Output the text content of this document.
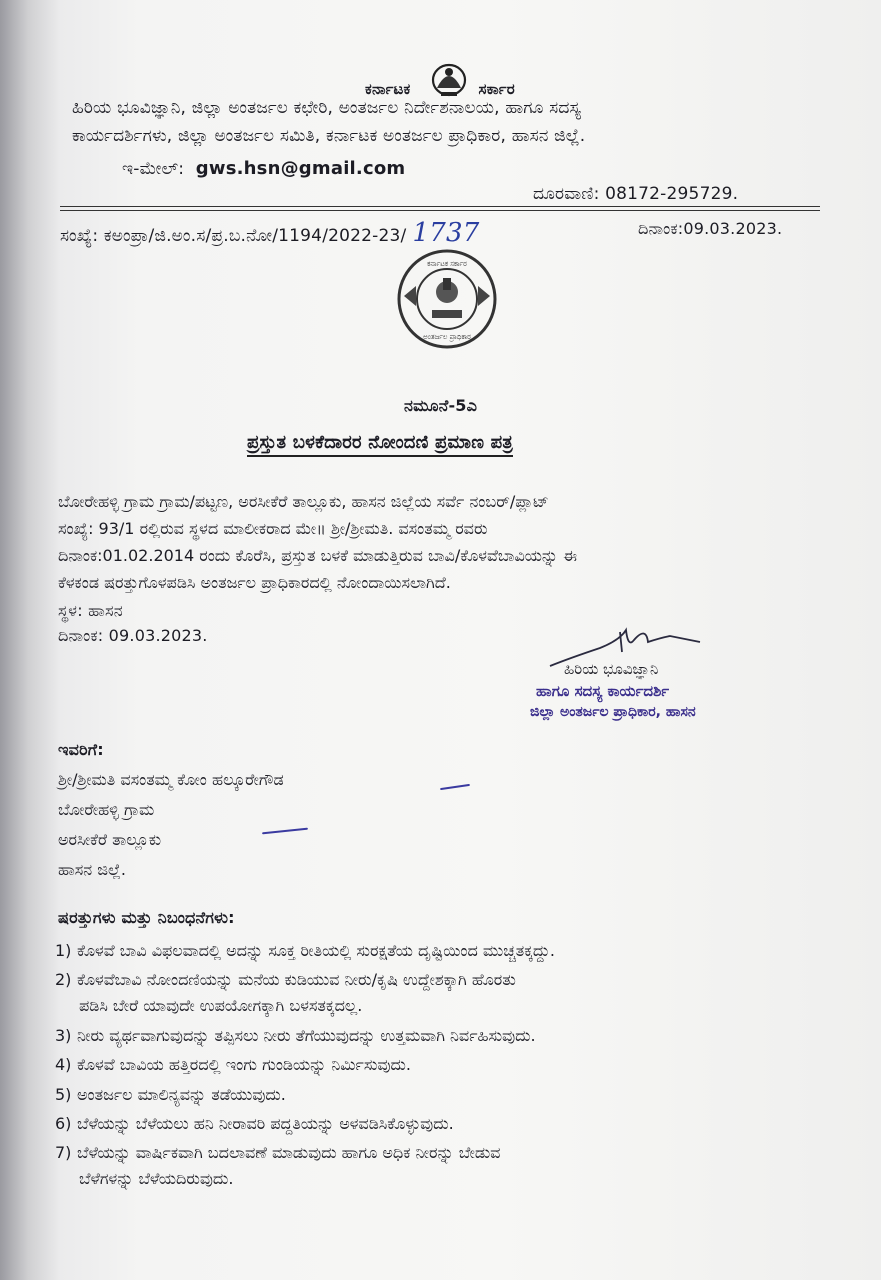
ಕರ್ನಾಟಕ	ಸರ್ಕಾರ
ಹಿರಿಯ ಭೂವಿಜ್ಞಾನಿ, ಜಿಲ್ಲಾ ಅಂತರ್ಜಲ ಕಛೇರಿ, ಅಂತರ್ಜಲ ನಿರ್ದೇಶನಾಲಯ, ಹಾಗೂ ಸದಸ್ಯ
ಕಾರ್ಯದರ್ಶಿಗಳು, ಜಿಲ್ಲಾ ಅಂತರ್ಜಲ ಸಮಿತಿ, ಕರ್ನಾಟಕ ಅಂತರ್ಜಲ ಪ್ರಾಧಿಕಾರ, ಹಾಸನ ಜಿಲ್ಲೆ.
ಇ-ಮೇಲ್: gws.hsn@gmail.com
ದೂರವಾಣಿ: 08172-295729.
ಸಂಖ್ಯೆ: ಕಅಂಪ್ರಾ/ಜಿ.ಅಂ.ಸ/ಪ್ರ.ಬ.ನೋ/1194/2022-23/ 1737	ದಿನಾಂಕ:09.03.2023.
ಕರ್ನಾಟಕ ಸರ್ಕಾರ
ಅಂತರ್ಜಲ ಪ್ರಾಧಿಕಾರ
ನಮೂನೆ-5ಎ
ಪ್ರಸ್ತುತ ಬಳಕೆದಾರರ ನೋಂದಣಿ ಪ್ರಮಾಣ ಪತ್ರ
ಬೋರೇಹಳ್ಳಿ ಗ್ರಾಮ ಗ್ರಾಮ/ಪಟ್ಟಣ, ಅರಸೀಕೆರೆ ತಾಲ್ಲೂಕು, ಹಾಸನ ಜಿಲ್ಲೆಯ ಸರ್ವೆ ನಂಬರ್/ಪ್ಲಾಟ್
ಸಂಖ್ಯೆ: 93/1 ರಲ್ಲಿರುವ ಸ್ಥಳದ ಮಾಲೀಕರಾದ ಮೇ॥ ಶ್ರೀ/ಶ್ರೀಮತಿ. ವಸಂತಮ್ಮ ರವರು
ದಿನಾಂಕ:01.02.2014 ರಂದು ಕೊರೆಸಿ, ಪ್ರಸ್ತುತ ಬಳಕೆ ಮಾಡುತ್ತಿರುವ ಬಾವಿ/ಕೊಳವೆಬಾವಿಯನ್ನು ಈ
ಕೆಳಕಂಡ ಷರತ್ತುಗೊಳಪಡಿಸಿ ಅಂತರ್ಜಲ ಪ್ರಾಧಿಕಾರದಲ್ಲಿ ನೋಂದಾಯಿಸಲಾಗಿದೆ.
ಸ್ಥಳ: ಹಾಸನ
ದಿನಾಂಕ: 09.03.2023.
ಹಿರಿಯ ಭೂವಿಜ್ಞಾನಿ
ಹಾಗೂ ಸದಸ್ಯ ಕಾರ್ಯದರ್ಶಿ
ಜಿಲ್ಲಾ ಅಂತರ್ಜಲ ಪ್ರಾಧಿಕಾರ, ಹಾಸನ
ಇವರಿಗೆ:
ಶ್ರೀ/ಶ್ರೀಮತಿ ವಸಂತಮ್ಮ ಕೋಂ ಹಲ್ಕೂರೇಗೌಡ
ಬೋರೇಹಳ್ಳಿ ಗ್ರಾಮ
ಅರಸೀಕೆರೆ ತಾಲ್ಲೂಕು
ಹಾಸನ ಜಿಲ್ಲೆ.
ಷರತ್ತುಗಳು ಮತ್ತು ನಿಬಂಧನೆಗಳು:
1) ಕೊಳವೆ ಬಾವಿ ವಿಫಲವಾದಲ್ಲಿ ಅದನ್ನು ಸೂಕ್ತ ರೀತಿಯಲ್ಲಿ ಸುರಕ್ಷತೆಯ ದೃಷ್ಟಿಯಿಂದ ಮುಚ್ಚತಕ್ಕದ್ದು.
2) ಕೊಳವೆಬಾವಿ ನೋಂದಣಿಯನ್ನು ಮನೆಯ ಕುಡಿಯುವ ನೀರು/ಕೃಷಿ ಉದ್ದೇಶಕ್ಕಾಗಿ ಹೊರತು
ಪಡಿಸಿ ಬೇರೆ ಯಾವುದೇ ಉಪಯೋಗಕ್ಕಾಗಿ ಬಳಸತಕ್ಕದಲ್ಲ.
3) ನೀರು ವ್ಯರ್ಥವಾಗುವುದನ್ನು ತಪ್ಪಿಸಲು ನೀರು ತೆಗೆಯುವುದನ್ನು ಉತ್ತಮವಾಗಿ ನಿರ್ವಹಿಸುವುದು.
4) ಕೊಳವೆ ಬಾವಿಯ ಹತ್ತಿರದಲ್ಲಿ ಇಂಗು ಗುಂಡಿಯನ್ನು ನಿರ್ಮಿಸುವುದು.
5) ಅಂತರ್ಜಲ ಮಾಲಿನ್ಯವನ್ನು ತಡೆಯುವುದು.
6) ಬೆಳೆಯನ್ನು ಬೆಳೆಯಲು ಹನಿ ನೀರಾವರಿ ಪದ್ದತಿಯನ್ನು ಅಳವಡಿಸಿಕೊಳ್ಳುವುದು.
7) ಬೆಳೆಯನ್ನು ವಾರ್ಷಿಕವಾಗಿ ಬದಲಾವಣೆ ಮಾಡುವುದು ಹಾಗೂ ಅಧಿಕ ನೀರನ್ನು ಬೇಡುವ
ಬೆಳೆಗಳನ್ನು ಬೆಳೆಯದಿರುವುದು.
